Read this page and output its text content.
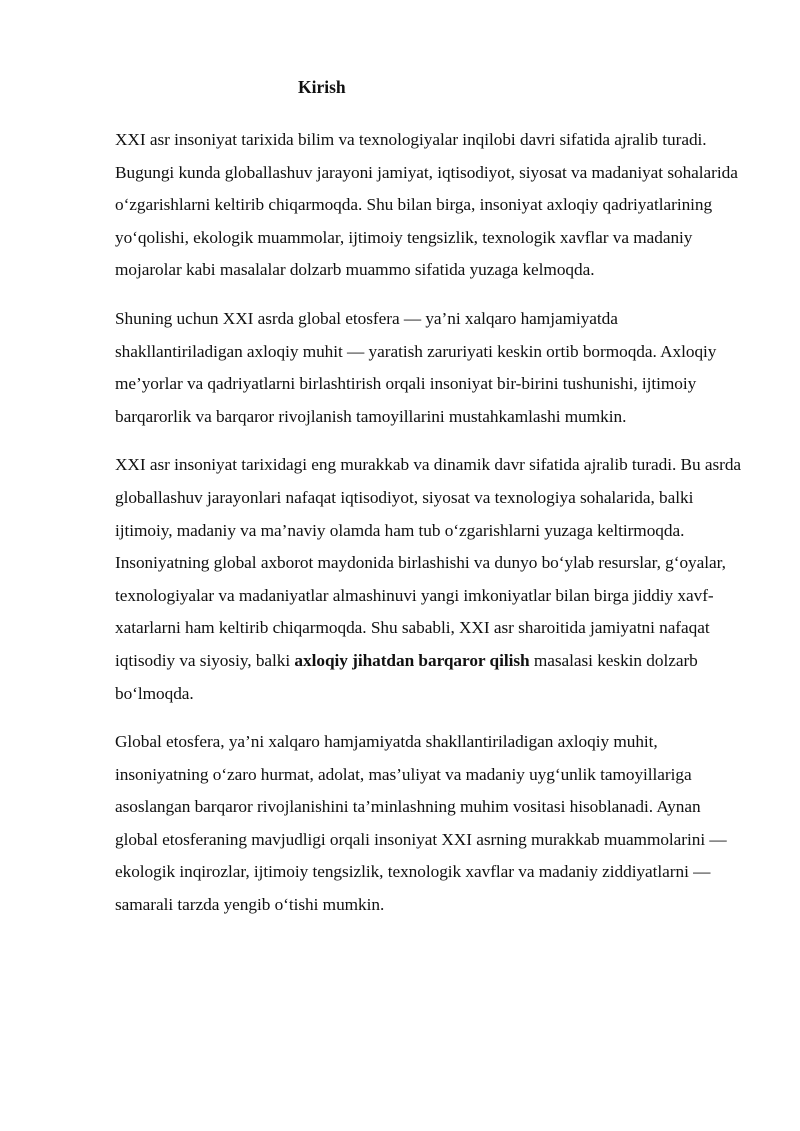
Kirish

XXI asr insoniyat tarixida bilim va texnologiyalar inqilobi davri sifatida ajralib turadi. Bugungi kunda globallashuv jarayoni jamiyat, iqtisodiyot, siyosat va madaniyat sohalarida o‘zgarishlarni keltirib chiqarmoqda. Shu bilan birga, insoniyat axloqiy qadriyatlarining yo‘qolishi, ekologik muammolar, ijtimoiy tengsizlik, texnologik xavflar va madaniy mojarolar kabi masalalar dolzarb muammo sifatida yuzaga kelmoqda.

Shuning uchun XXI asrda global etosfera — ya’ni xalqaro hamjamiyatda shakllantiriladigan axloqiy muhit — yaratish zaruriyati keskin ortib bormoqda. Axloqiy me’yorlar va qadriyatlarni birlashtirish orqali insoniyat bir-birini tushunishi, ijtimoiy barqarorlik va barqaror rivojlanish tamoyillarini mustahkamlashi mumkin.

XXI asr insoniyat tarixidagi eng murakkab va dinamik davr sifatida ajralib turadi. Bu asrda globallashuv jarayonlari nafaqat iqtisodiyot, siyosat va texnologiya sohalarida, balki ijtimoiy, madaniy va ma’naviy olamda ham tub o‘zgarishlarni yuzaga keltirmoqda. Insoniyatning global axborot maydonida birlashishi va dunyo bo‘ylab resurslar, g‘oyalar, texnologiyalar va madaniyatlar almashinuvi yangi imkoniyatlar bilan birga jiddiy xavf-xatarlarni ham keltirib chiqarmoqda. Shu sababli, XXI asr sharoitida jamiyatni nafaqat iqtisodiy va siyosiy, balki axloqiy jihatdan barqaror qilish masalasi keskin dolzarb bo‘lmoqda.

Global etosfera, ya’ni xalqaro hamjamiyatda shakllantiriladigan axloqiy muhit, insoniyatning o‘zaro hurmat, adolat, mas’uliyat va madaniy uyg‘unlik tamoyillariga asoslangan barqaror rivojlanishini ta’minlashning muhim vositasi hisoblanadi. Aynan global etosferaning mavjudligi orqali insoniyat XXI asrning murakkab muammolarini — ekologik inqirozlar, ijtimoiy tengsizlik, texnologik xavflar va madaniy ziddiyatlarni — samarali tarzda yengib o‘tishi mumkin.
